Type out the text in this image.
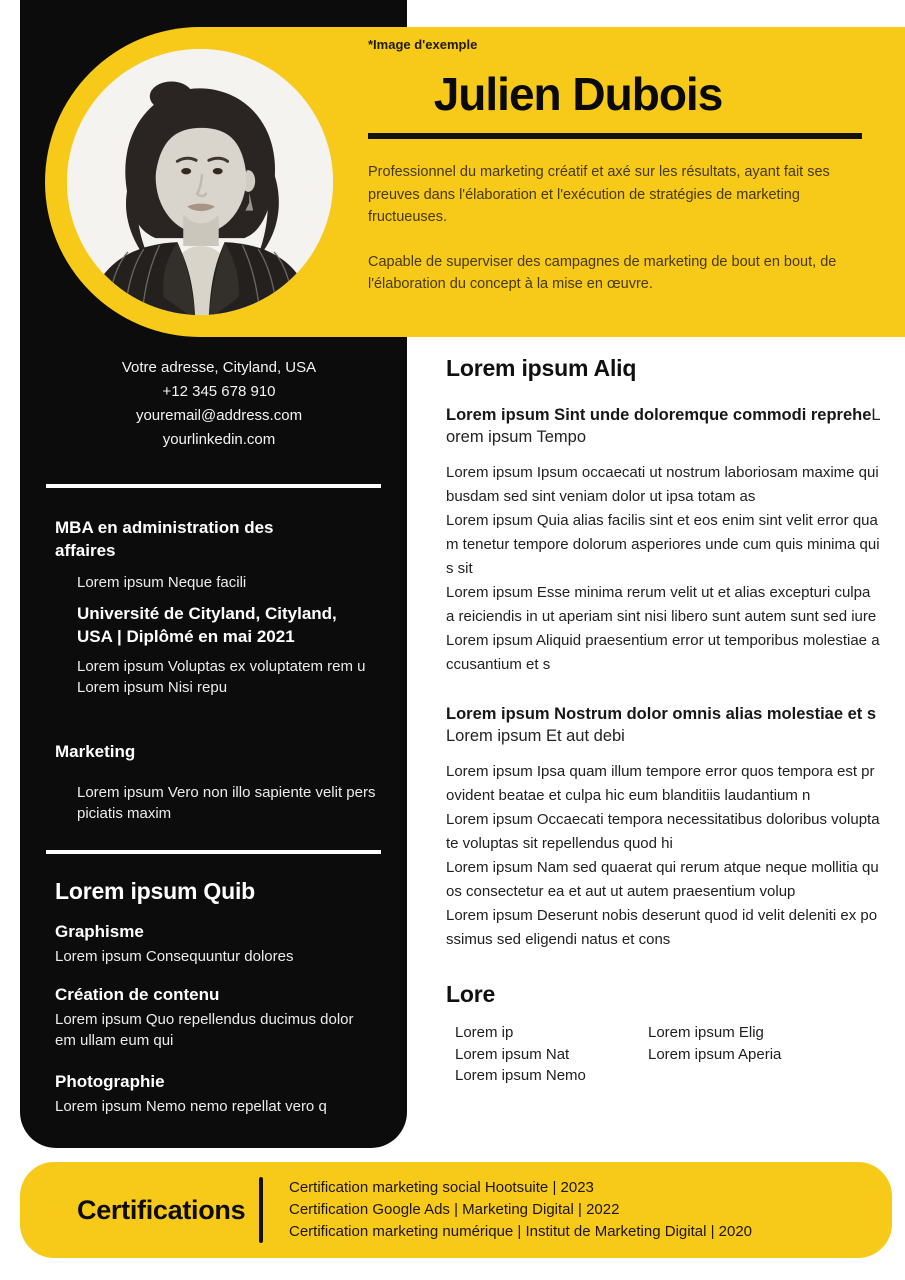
Votre adresse, Cityland, USA
+12 345 678 910
youremail@address.com
yourlinkedin.com
MBA en administration des affaires
Lorem ipsum Neque facili
Université de Cityland, Cityland, USA | Diplômé en mai 2021
Lorem ipsum Voluptas ex voluptatem rem u Lorem ipsum Nisi repu
Marketing
Lorem ipsum Vero non illo sapiente velit perspiciatis maxim
Lorem ipsum Quib
Graphisme

Lorem ipsum Consequuntur dolores

Création de contenu

Lorem ipsum Quo repellendus ducimus dolor em ullam eum qui

Photographie

Lorem ipsum Nemo nemo repellat vero q

*Image d'exemple
Julien Dubois

Professionnel du marketing créatif et axé sur les résultats, ayant fait ses preuves dans l'élaboration et l'exécution de stratégies de marketing fructueuses.

Capable de superviser des campagnes de marketing de bout en bout, de l'élaboration du concept à la mise en œuvre.

Lorem ipsum Aliq
Lorem ipsum Sint unde doloremque commodi repreheLorem ipsum Tempo
Lorem ipsum Ipsum occaecati ut nostrum laboriosam maxime quibusdam sed sint veniam dolor ut ipsa totam as
Lorem ipsum Quia alias facilis sint et eos enim sint velit error quam tenetur tempore dolorum asperiores unde cum quis minima quis sit
Lorem ipsum Esse minima rerum velit ut et alias excepturi culpa a reiciendis in ut aperiam sint nisi libero sunt autem sunt sed iure
Lorem ipsum Aliquid praesentium error ut temporibus molestiae accusantium et s
Lorem ipsum Nostrum dolor omnis alias molestiae et sLorem ipsum Et aut debi
Lorem ipsum Ipsa quam illum tempore error quos tempora est provident beatae et culpa hic eum blanditiis laudantium n
Lorem ipsum Occaecati tempora necessitatibus doloribus voluptate voluptas sit repellendus quod hi
Lorem ipsum Nam sed quaerat qui rerum atque neque mollitia quos consectetur ea et aut ut autem praesentium volup
Lorem ipsum Deserunt nobis deserunt quod id velit deleniti ex possimus sed eligendi natus et cons
Lore
Lorem ip
Lorem ipsum Nat
Lorem ipsum Nemo
Lorem ipsum Elig
Lorem ipsum Aperia
Certifications
Certification marketing social Hootsuite | 2023
Certification Google Ads | Marketing Digital | 2022
Certification marketing numérique | Institut de Marketing Digital | 2020
